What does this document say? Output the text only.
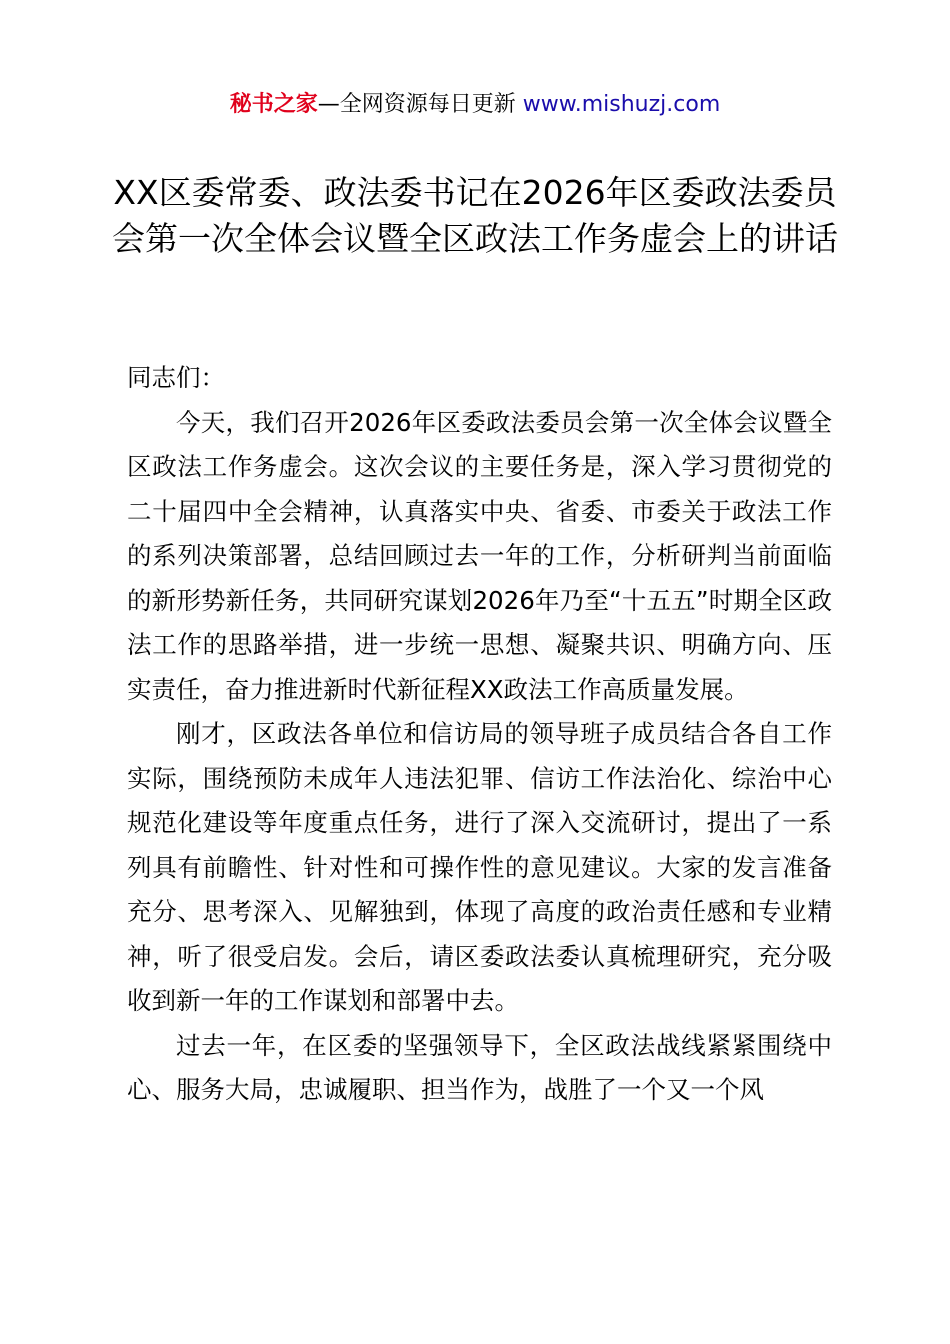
秘书之家—全网资源每日更新 www.mishuzj.com
XX区委常委、政法委书记在2026年区委政法委员会第一次全体会议暨全区政法工作务虚会上的讲话

同志们：

今天，我们召开2026年区委政法委员会第一次全体会议暨全区政法工作务虚会。这次会议的主要任务是，深入学习贯彻党的二十届四中全会精神，认真落实中央、省委、市委关于政法工作的系列决策部署，总结回顾过去一年的工作，分析研判当前面临的新形势新任务，共同研究谋划2026年乃至“十五五”时期全区政法工作的思路举措，进一步统一思想、凝聚共识、明确方向、压实责任，奋力推进新时代新征程XX政法工作高质量发展。

刚才，区政法各单位和信访局的领导班子成员结合各自工作实际，围绕预防未成年人违法犯罪、信访工作法治化、综治中心规范化建设等年度重点任务，进行了深入交流研讨，提出了一系列具有前瞻性、针对性和可操作性的意见建议。大家的发言准备充分、思考深入、见解独到，体现了高度的政治责任感和专业精神，听了很受启发。会后，请区委政法委认真梳理研究，充分吸收到新一年的工作谋划和部署中去。

过去一年，在区委的坚强领导下，全区政法战线紧紧围绕中心、服务大局，忠诚履职、担当作为，战胜了一个又一个风
